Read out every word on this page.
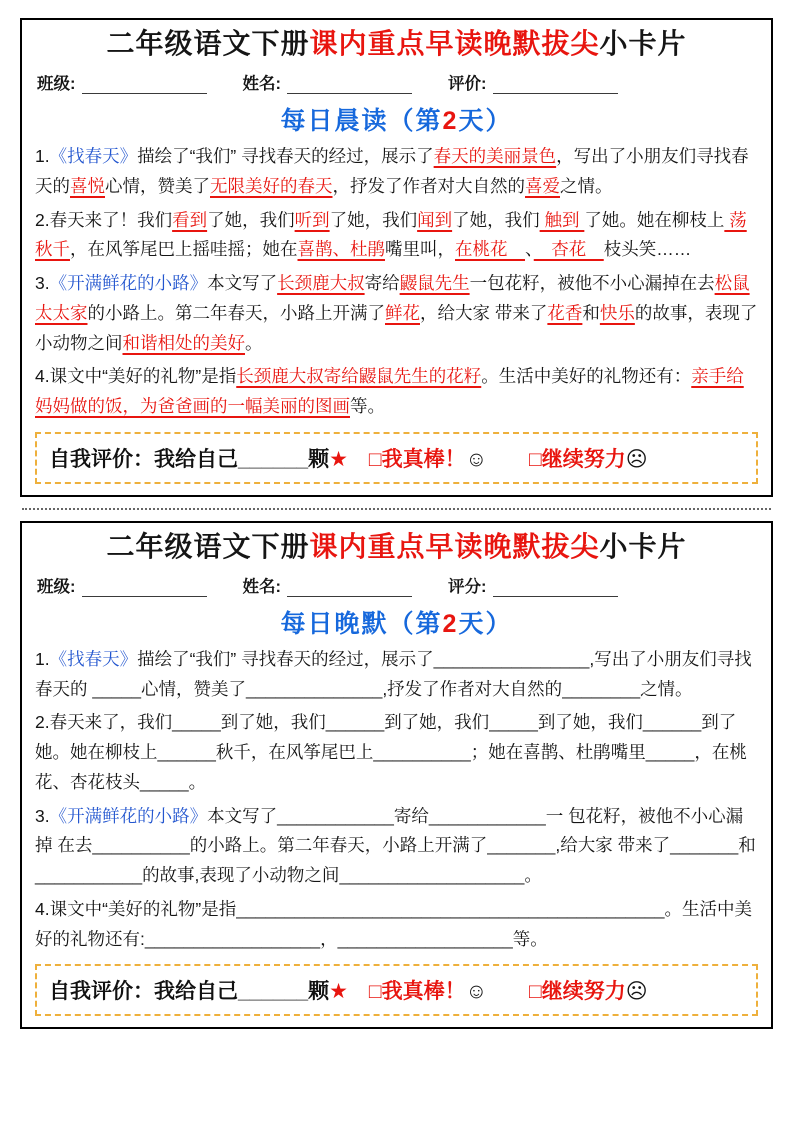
二年级语文下册课内重点早读晚默拔尖小卡片
班级:	姓名:	评价:
每日晨读（第2天）
1.《找春天》描绘了“我们” 寻找春天的经过，展示了春天的美丽景色，写出了小朋友们寻找春天的喜悦心情，赞美了无限美好的春天，抒发了作者对大自然的喜爱之情。
2.春天来了！我们看到了她，我们听到了她，我们闻到了她，我们 触到 了她。她在柳枝上 荡秋千，在风筝尾巴上摇哇摇；她在喜鹊、杜鹃嘴里叫，在桃花　、　杏花　枝头笑……
3.《开满鲜花的小路》本文写了长颈鹿大叔寄给鼹鼠先生一包花籽，被他不小心漏掉在去松鼠太太家的小路上。第二年春天，小路上开满了鲜花，给大家 带来了花香和快乐的故事，表现了小动物之间和谐相处的美好。
4.课文中“美好的礼物”是指长颈鹿大叔寄给鼹鼠先生的花籽。生活中美好的礼物还有：亲手给妈妈做的饭，为爸爸画的一幅美丽的图画等。
自我评价：我给自己______颗★　 □我真棒！☺　　 □继续努力☹
二年级语文下册课内重点早读晚默拔尖小卡片
班级:	姓名:	评分:
每日晚默（第2天）
1.《找春天》描绘了“我们” 寻找春天的经过，展示了________________,写出了小朋友们寻找春天的 _____心情，赞美了______________,抒发了作者对大自然的________之情。
2.春天来了，我们_____到了她，我们______到了她，我们_____到了她，我们______到了她。她在柳枝上______秋千，在风筝尾巴上__________；她在喜鹊、杜鹃嘴里_____，在桃花、杏花枝头_____。
3.《开满鲜花的小路》本文写了____________寄给____________一 包花籽，被他不小心漏掉 在去__________的小路上。第二年春天，小路上开满了_______,给大家 带来了_______和___________的故事,表现了小动物之间___________________。
4.课文中“美好的礼物”是指____________________________________________。生活中美好的礼物还有:__________________，__________________等。
自我评价：我给自己______颗★　 □我真棒！☺　　 □继续努力☹
